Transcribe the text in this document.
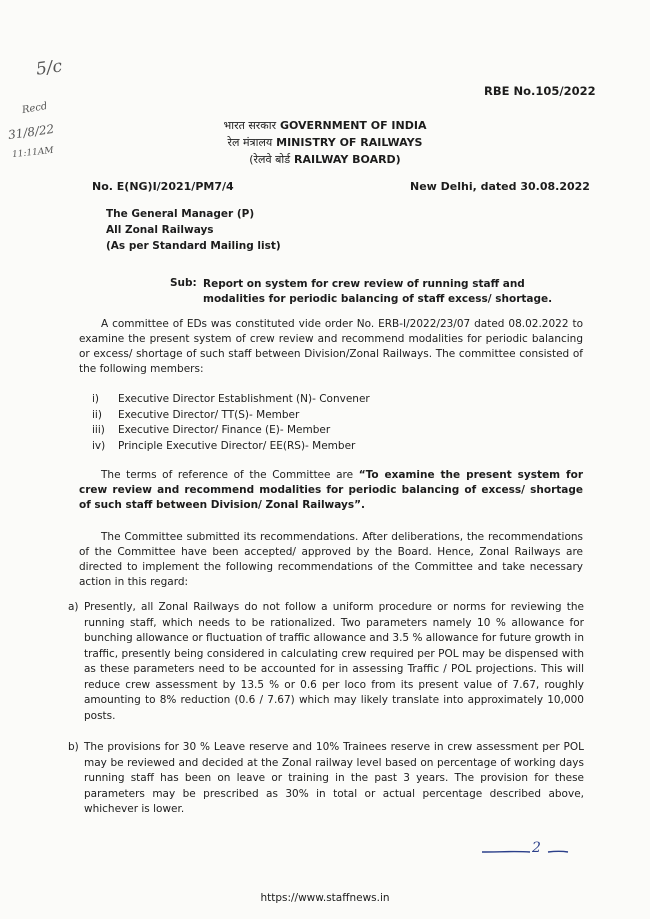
5/c
Recd
31/8/22
11:11AM
RBE No.105/2022
भारत सरकार GOVERNMENT OF INDIA
रेल मंत्रालय MINISTRY OF RAILWAYS
(रेलवे बोर्ड RAILWAY BOARD)
No. E(NG)I/2021/PM7/4	New Delhi, dated 30.08.2022
The General Manager (P)
All Zonal Railways
(As per Standard Mailing list)
Sub: Report on system for crew review of running staff and modalities for periodic balancing of staff excess/ shortage.
A committee of EDs was constituted vide order No. ERB-I/2022/23/07 dated 08.02.2022 to examine the present system of crew review and recommend modalities for periodic balancing or excess/ shortage of such staff between Division/Zonal Railways. The committee consisted of the following members:
i) Executive Director Establishment (N)- Convener
ii) Executive Director/ TT(S)- Member
iii) Executive Director/ Finance (E)- Member
iv) Principle Executive Director/ EE(RS)- Member
The terms of reference of the Committee are “To examine the present system for crew review and recommend modalities for periodic balancing of excess/ shortage of such staff between Division/ Zonal Railways”.
The Committee submitted its recommendations. After deliberations, the recommendations of the Committee have been accepted/ approved by the Board. Hence, Zonal Railways are directed to implement the following recommendations of the Committee and take necessary action in this regard:
a) Presently, all Zonal Railways do not follow a uniform procedure or norms for reviewing the running staff, which needs to be rationalized. Two parameters namely 10 % allowance for bunching allowance or fluctuation of traffic allowance and 3.5 % allowance for future growth in traffic, presently being considered in calculating crew required per POL may be dispensed with as these parameters need to be accounted for in assessing Traffic / POL projections. This will reduce crew assessment by 13.5 % or 0.6 per loco from its present value of 7.67, roughly amounting to 8% reduction (0.6 / 7.67) which may likely translate into approximately 10,000 posts.
b) The provisions for 30 % Leave reserve and 10% Trainees reserve in crew assessment per POL may be reviewed and decided at the Zonal railway level based on percentage of working days running staff has been on leave or training in the past 3 years. The provision for these parameters may be prescribed as 30% in total or actual percentage described above, whichever is lower.
2
https://www.staffnews.in
